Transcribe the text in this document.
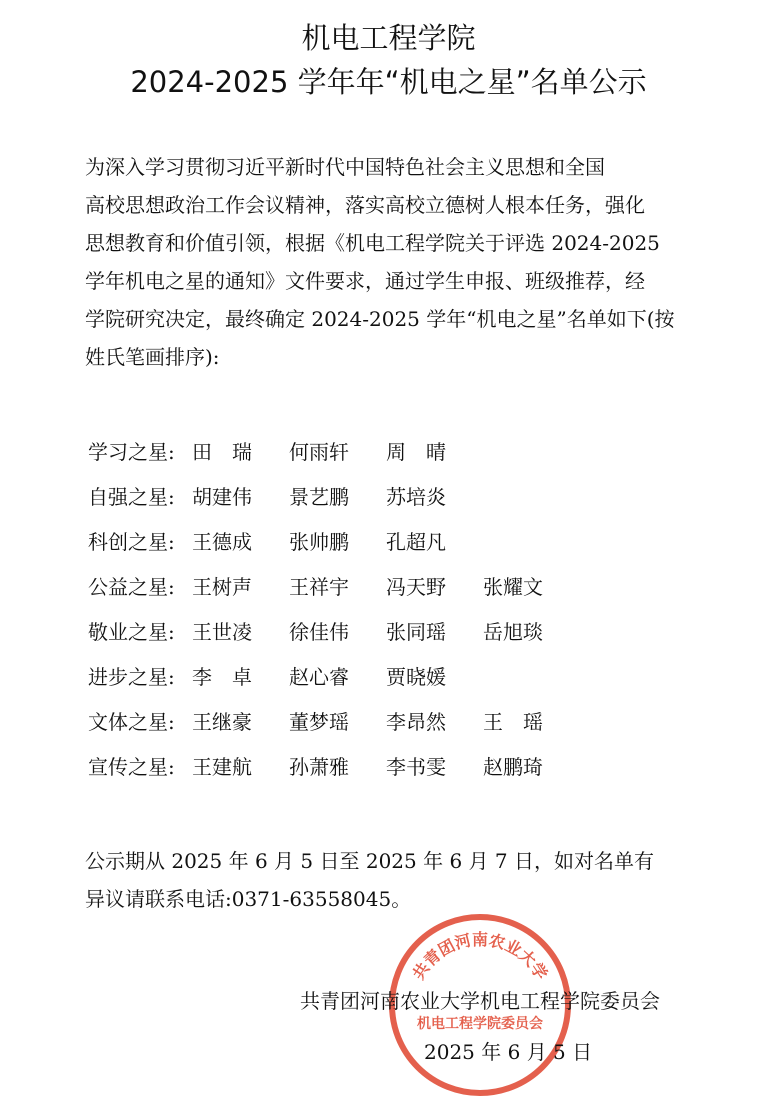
机电工程学院
2024-2025 学年年“机电之星”名单公示
为深入学习贯彻习近平新时代中国特色社会主义思想和全国
高校思想政治工作会议精神，落实高校立德树人根本任务，强化
思想教育和价值引领，根据《机电工程学院关于评选 2024-2025
学年机电之星的通知》文件要求，通过学生申报、班级推荐，经
学院研究决定，最终确定 2024-2025 学年“机电之星”名单如下(按
姓氏笔画排序):
学习之星: 田　瑞	何雨轩	周　晴
自强之星: 胡建伟	景艺鹏	苏培炎
科创之星: 王德成	张帅鹏	孔超凡
公益之星: 王树声	王祥宇	冯天野	张耀文
敬业之星: 王世凌	徐佳伟	张同瑶	岳旭琰
进步之星: 李　卓	赵心睿	贾晓媛
文体之星: 王继豪	董梦瑶	李昂然	王　瑶
宣传之星: 王建航	孙萧雅	李书雯	赵鹏琦
公示期从 2025 年 6 月 5 日至 2025 年 6 月 7 日，如对名单有
异议请联系电话:0371-63558045。
共青团河南农业大学
机电工程学院委员会
共青团河南农业大学机电工程学院委员会
2025 年 6 月 5 日
